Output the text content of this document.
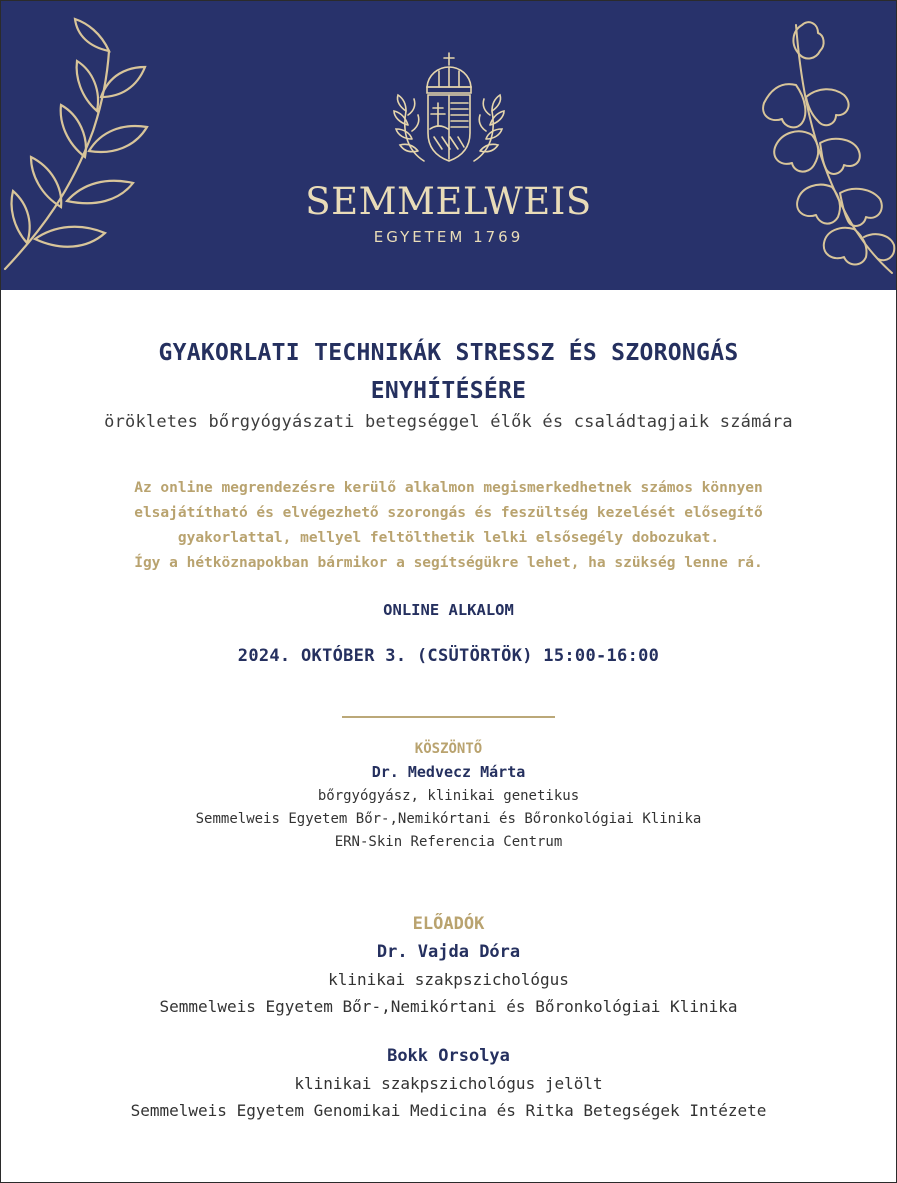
SEMMELWEIS
EGYETEM 1769
GYAKORLATI TECHNIKÁK STRESSZ ÉS SZORONGÁS
ENYHÍTÉSÉRE
örökletes bőrgyógyászati betegséggel élők és családtagjaik számára
Az online megrendezésre kerülő alkalmon megismerkedhetnek számos könnyen
elsajátítható és elvégezhető szorongás és feszültség kezelését elősegítő
gyakorlattal, mellyel feltölthetik lelki elsősegély dobozukat.
Így a hétköznapokban bármikor a segítségükre lehet, ha szükség lenne rá.
ONLINE ALKALOM
2024. OKTÓBER 3. (CSÜTÖRTÖK) 15:00-16:00
KÖSZÖNTŐ
Dr. Medvecz Márta
bőrgyógyász, klinikai genetikus
Semmelweis Egyetem Bőr-,Nemikórtani és Bőronkológiai Klinika
ERN-Skin Referencia Centrum
ELŐADÓK
Dr. Vajda Dóra
klinikai szakpszichológus
Semmelweis Egyetem Bőr-,Nemikórtani és Bőronkológiai Klinika
Bokk Orsolya
klinikai szakpszichológus jelölt
Semmelweis Egyetem Genomikai Medicina és Ritka Betegségek Intézete
